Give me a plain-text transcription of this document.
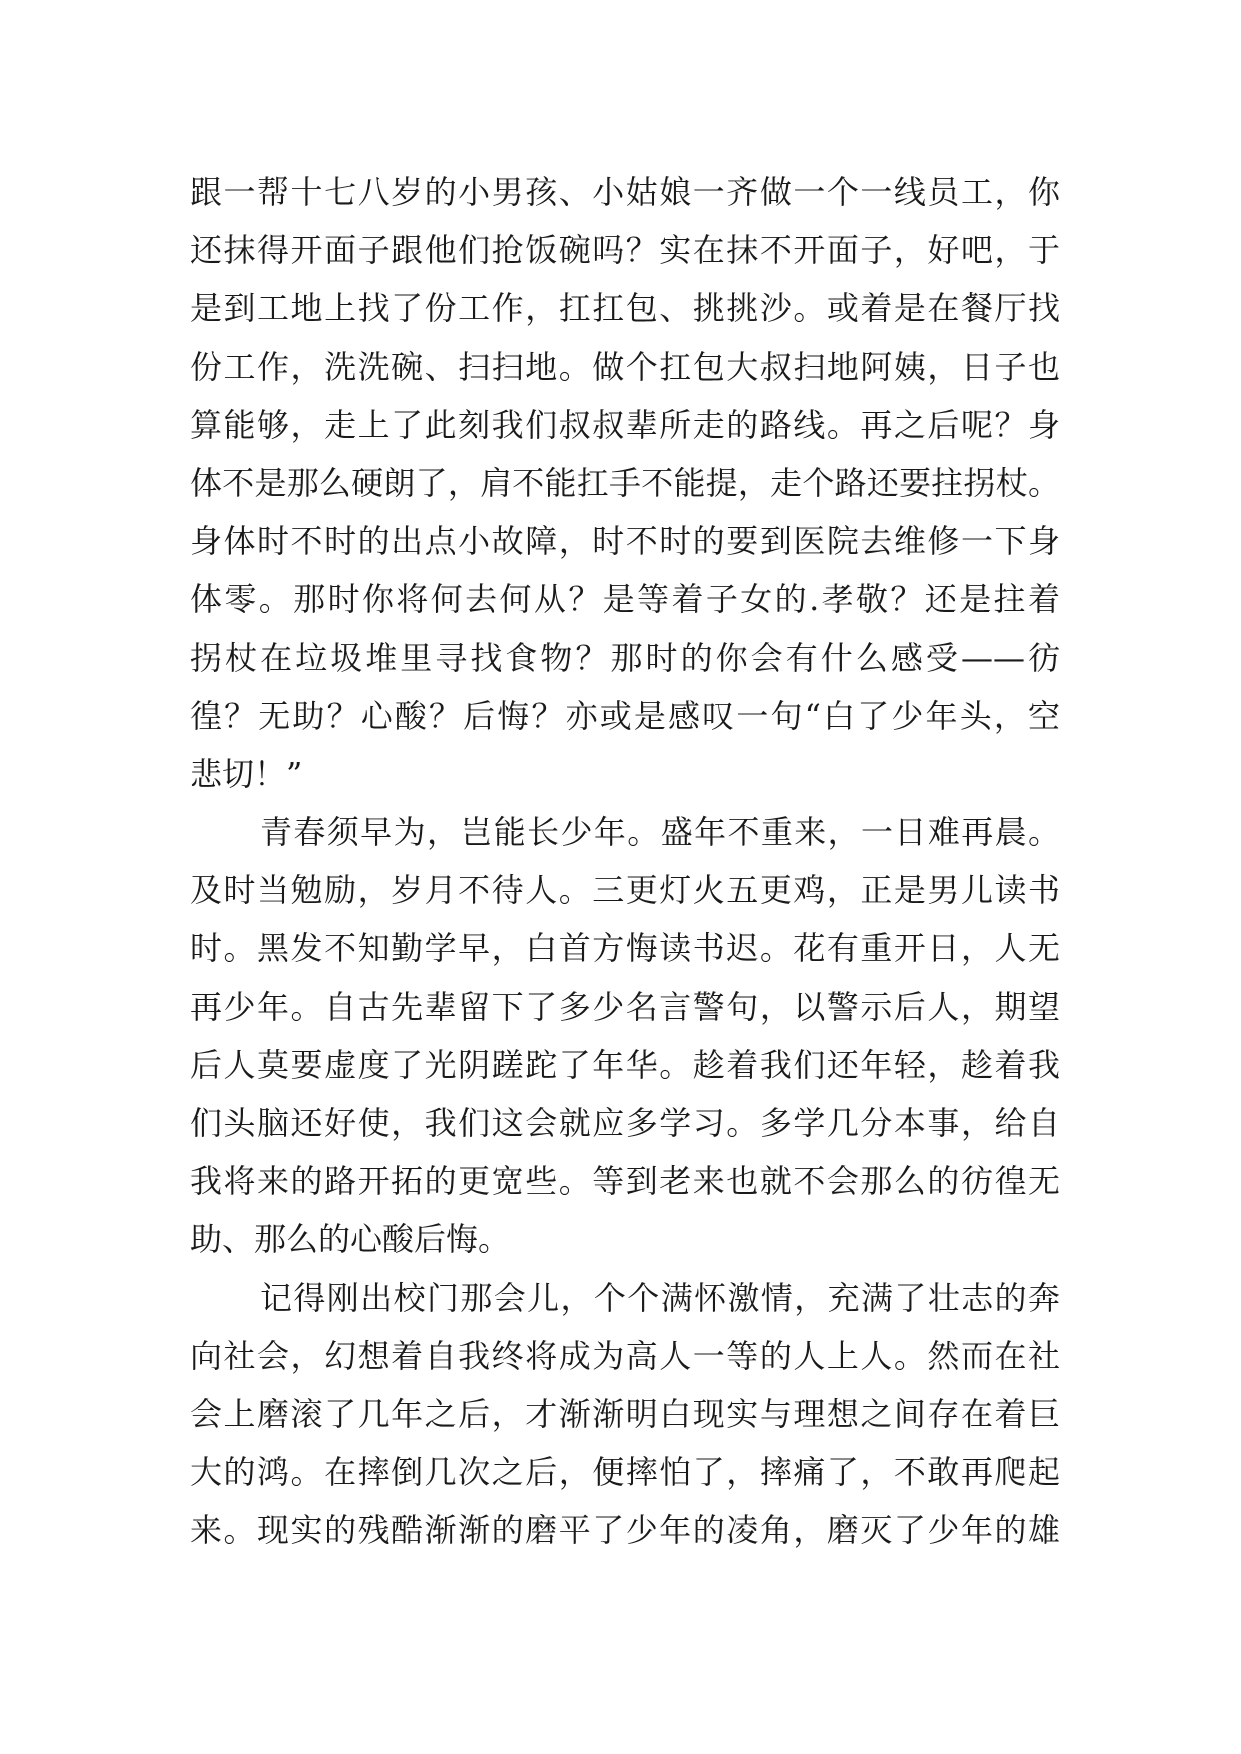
跟一帮十七八岁的小男孩、小姑娘一齐做一个一线员工，你
还抹得开面子跟他们抢饭碗吗？实在抹不开面子，好吧，于
是到工地上找了份工作，扛扛包、挑挑沙。或着是在餐厅找
份工作，洗洗碗、扫扫地。做个扛包大叔扫地阿姨，日子也
算能够，走上了此刻我们叔叔辈所走的路线。再之后呢？身
体不是那么硬朗了，肩不能扛手不能提，走个路还要拄拐杖。
身体时不时的出点小故障，时不时的要到医院去维修一下身
体零。那时你将何去何从？是等着子女的.孝敬？还是拄着
拐杖在垃圾堆里寻找食物？那时的你会有什么感受——彷
徨？无助？心酸？后悔？亦或是感叹一句“白了少年头，空
悲切！”
青春须早为，岂能长少年。盛年不重来，一日难再晨。
及时当勉励，岁月不待人。三更灯火五更鸡，正是男儿读书
时。黑发不知勤学早，白首方悔读书迟。花有重开日，人无
再少年。自古先辈留下了多少名言警句，以警示后人，期望
后人莫要虚度了光阴蹉跎了年华。趁着我们还年轻，趁着我
们头脑还好使，我们这会就应多学习。多学几分本事，给自
我将来的路开拓的更宽些。等到老来也就不会那么的彷徨无
助、那么的心酸后悔。
记得刚出校门那会儿，个个满怀激情，充满了壮志的奔
向社会，幻想着自我终将成为高人一等的人上人。然而在社
会上磨滚了几年之后，才渐渐明白现实与理想之间存在着巨
大的鸿。在摔倒几次之后，便摔怕了，摔痛了，不敢再爬起
来。现实的残酷渐渐的磨平了少年的凌角，磨灭了少年的雄
